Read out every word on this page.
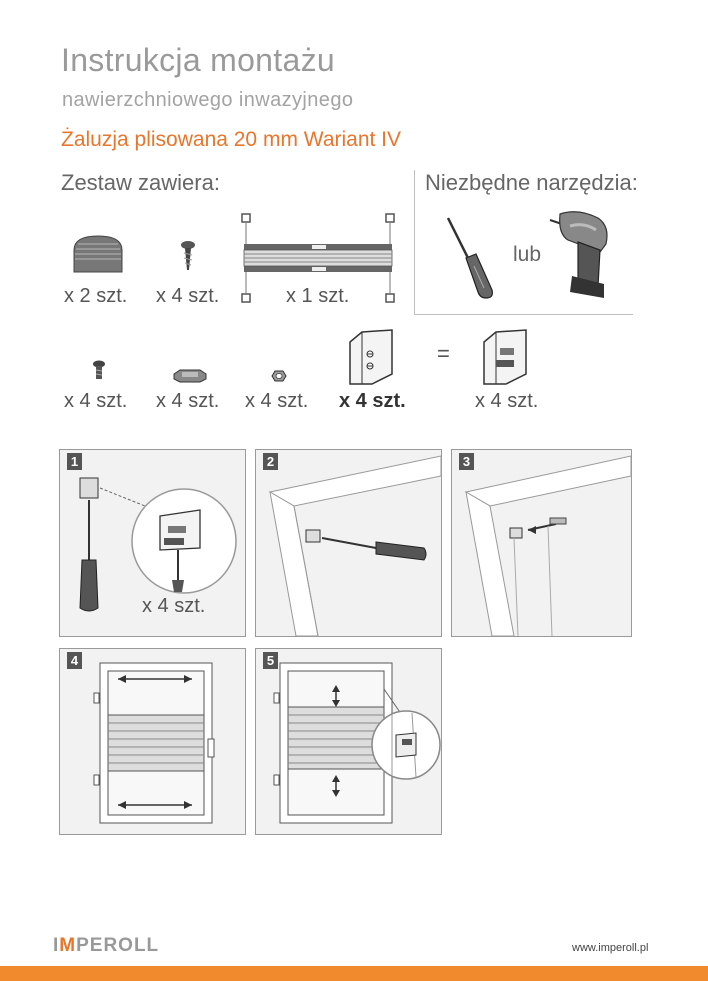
Instrukcja montażu
nawierzchniowego inwazyjnego
Żaluzja plisowana 20 mm Wariant IV
Zestaw zawiera:
x 2 szt. x 4 szt.	x 1 szt.
Niezbędne narzędzia:
lub
x 4 szt. x 4 szt. x 4 szt. x 4 szt.
=
x 4 szt.
1
x 4 szt.
2	3
4	5
IMPEROLL	www.imperoll.pl
